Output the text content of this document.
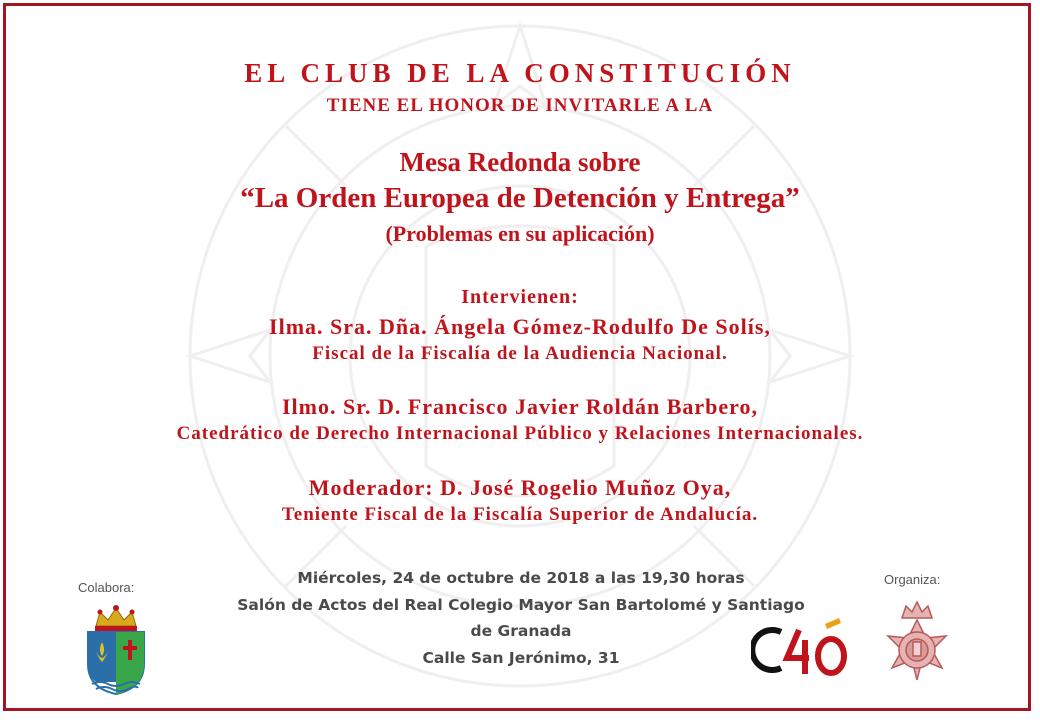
EL CLUB DE LA CONSTITUCIÓN
TIENE EL HONOR DE INVITARLE A LA
Mesa Redonda sobre
“La Orden Europea de Detención y Entrega”
(Problemas en su aplicación)
Intervienen:
Ilma. Sra. Dña. Ángela Gómez-Rodulfo De Solís,
Fiscal de la Fiscalía de la Audiencia Nacional.
Ilmo. Sr. D. Francisco Javier Roldán Barbero,
Catedrático de Derecho Internacional Público y Relaciones Internacionales.
Moderador: D. José Rogelio Muñoz Oya,
Teniente Fiscal de la Fiscalía Superior de Andalucía.
Miércoles, 24 de octubre de 2018 a las 19,30 horas
Salón de Actos del Real Colegio Mayor San Bartolomé y Santiago
de Granada
Calle San Jerónimo, 31
Colabora:
Organiza:
